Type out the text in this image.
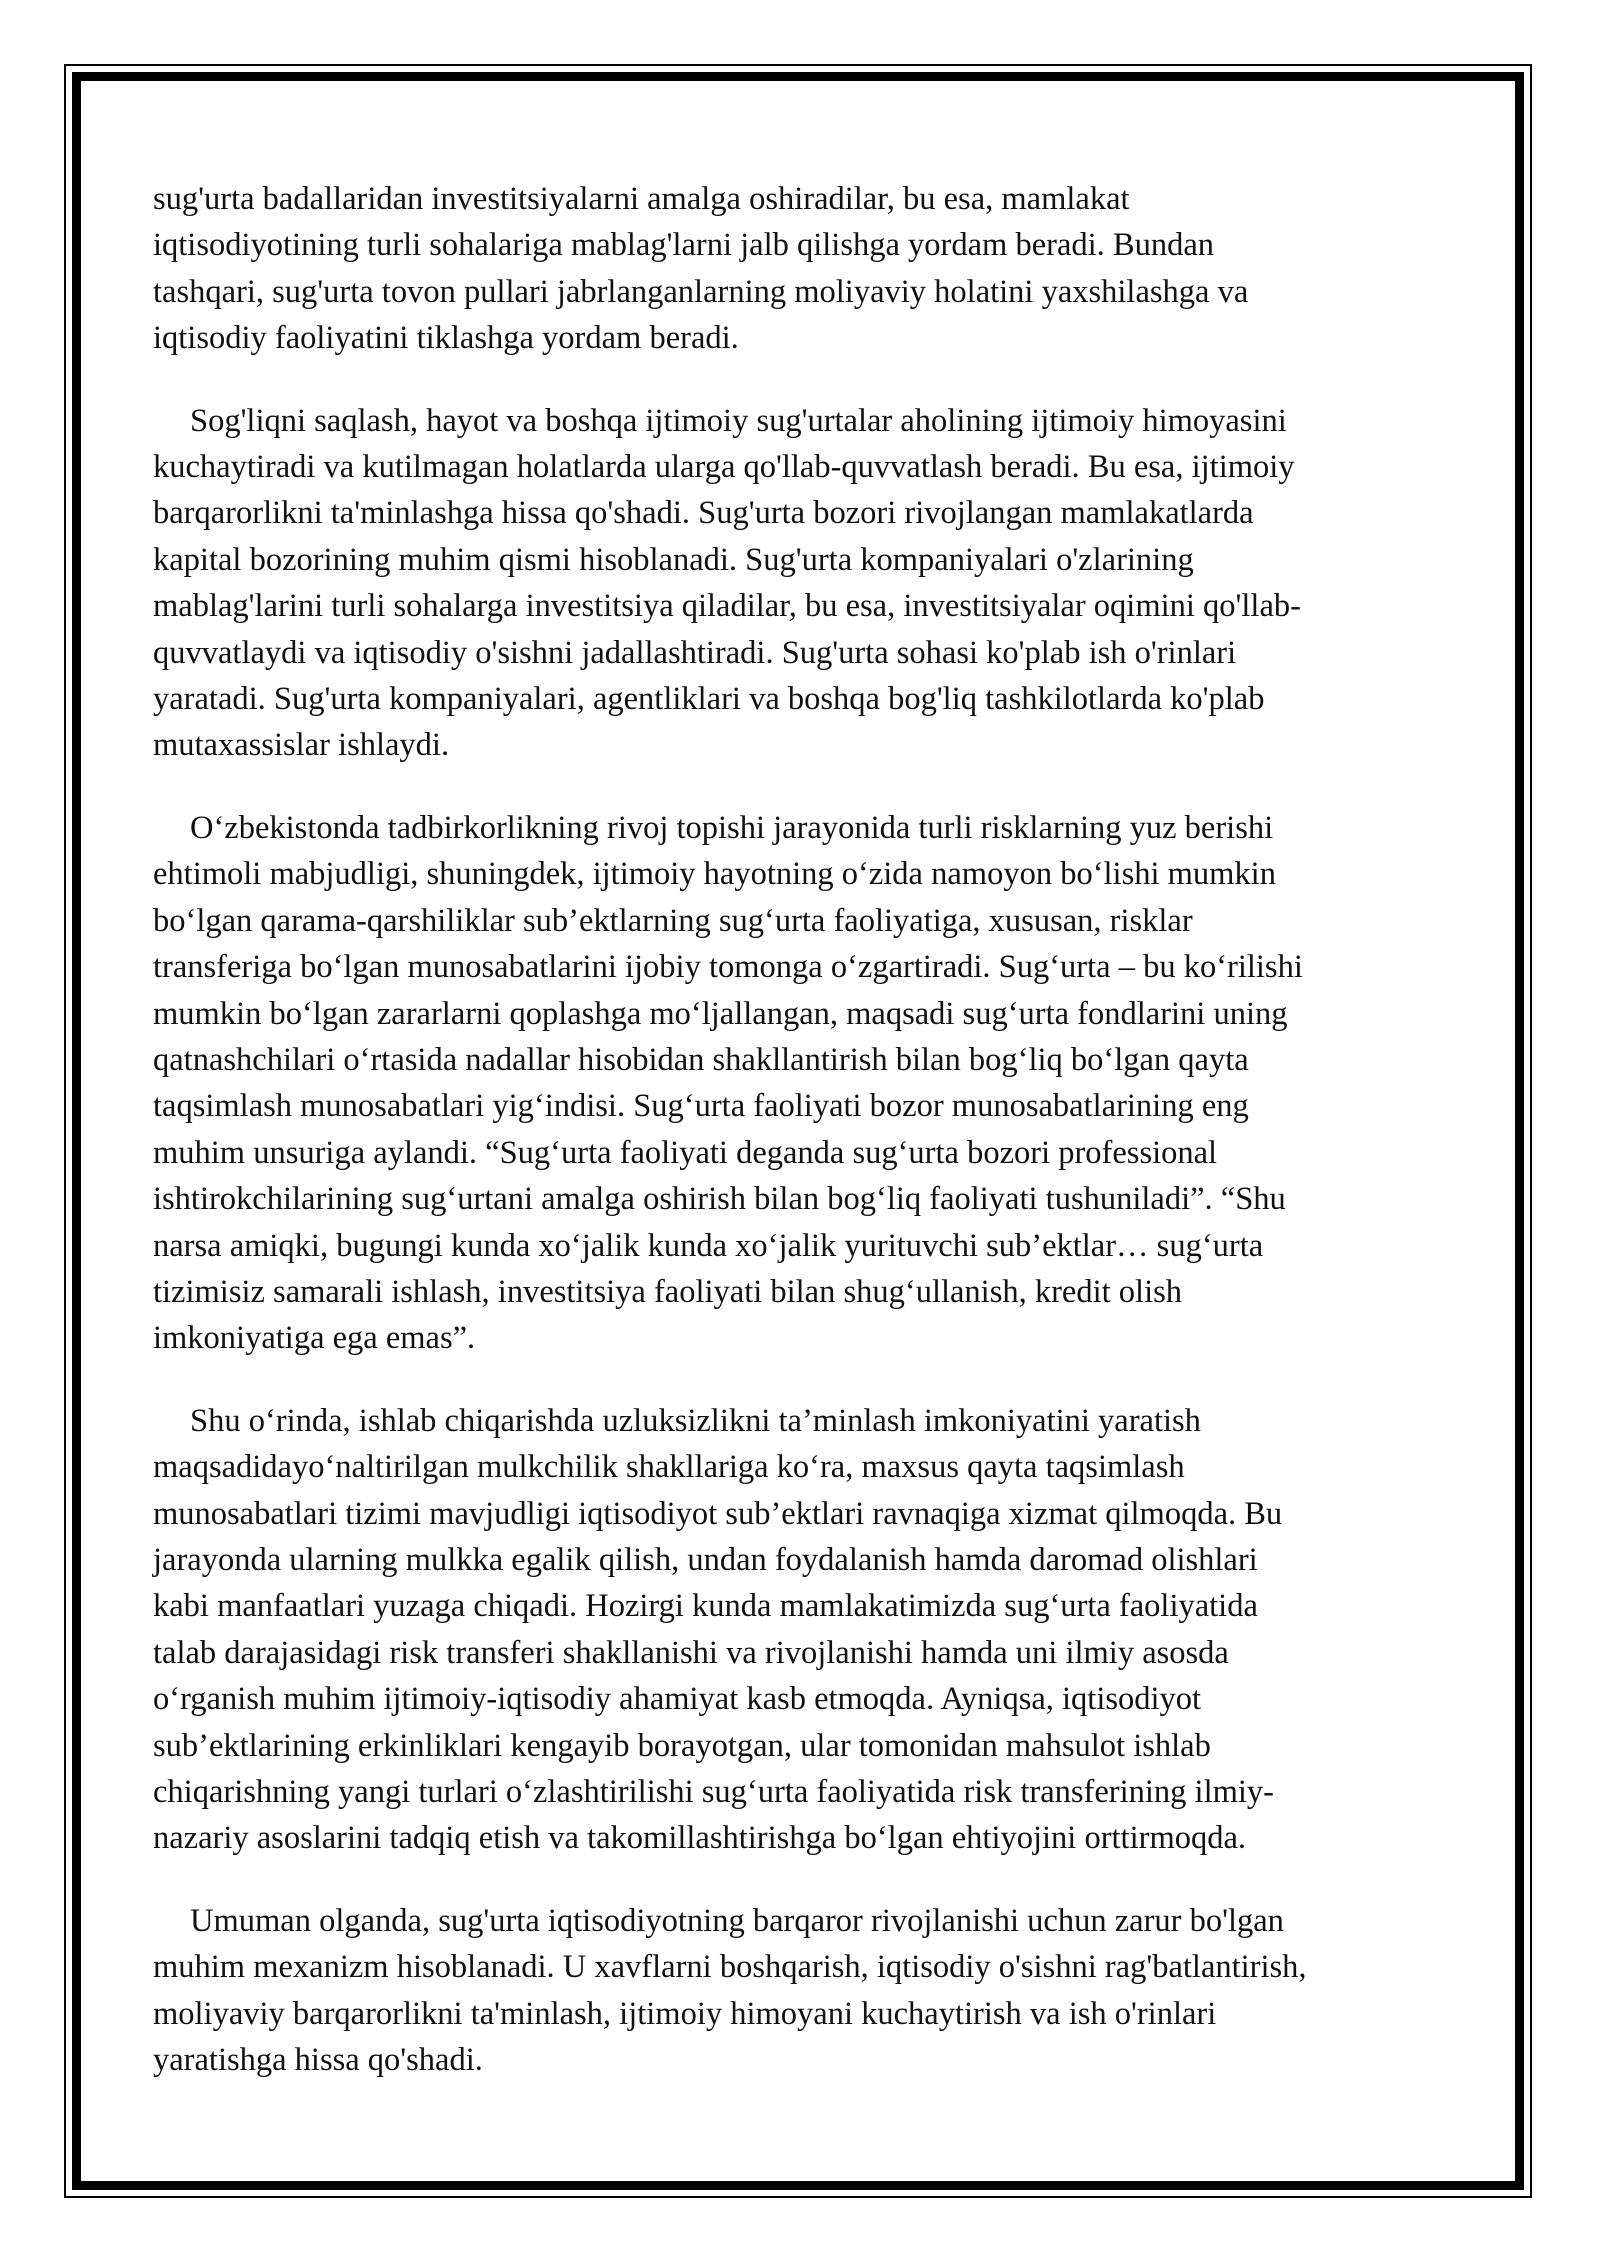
sug'urta badallaridan investitsiyalarni amalga oshiradilar, bu esa, mamlakat
iqtisodiyotining turli sohalariga mablag'larni jalb qilishga yordam beradi. Bundan
tashqari, sug'urta tovon pullari jabrlanganlarning moliyaviy holatini yaxshilashga va
iqtisodiy faoliyatini tiklashga yordam beradi.

Sog'liqni saqlash, hayot va boshqa ijtimoiy sug'urtalar aholining ijtimoiy himoyasini
kuchaytiradi va kutilmagan holatlarda ularga qo'llab-quvvatlash beradi. Bu esa, ijtimoiy
barqarorlikni ta'minlashga hissa qo'shadi. Sug'urta bozori rivojlangan mamlakatlarda
kapital bozorining muhim qismi hisoblanadi. Sug'urta kompaniyalari o'zlarining
mablag'larini turli sohalarga investitsiya qiladilar, bu esa, investitsiyalar oqimini qo'llab-
quvvatlaydi va iqtisodiy o'sishni jadallashtiradi. Sug'urta sohasi ko'plab ish o'rinlari
yaratadi. Sug'urta kompaniyalari, agentliklari va boshqa bog'liq tashkilotlarda ko'plab
mutaxassislar ishlaydi.

O‘zbekistonda tadbirkorlikning rivoj topishi jarayonida turli risklarning yuz berishi
ehtimoli mabjudligi, shuningdek, ijtimoiy hayotning o‘zida namoyon bo‘lishi mumkin
bo‘lgan qarama-qarshiliklar sub’ektlarning sug‘urta faoliyatiga, xususan, risklar
transferiga bo‘lgan munosabatlarini ijobiy tomonga o‘zgartiradi. Sug‘urta – bu ko‘rilishi
mumkin bo‘lgan zararlarni qoplashga mo‘ljallangan, maqsadi sug‘urta fondlarini uning
qatnashchilari o‘rtasida nadallar hisobidan shakllantirish bilan bog‘liq bo‘lgan qayta
taqsimlash munosabatlari yig‘indisi. Sug‘urta faoliyati bozor munosabatlarining eng
muhim unsuriga aylandi. “Sug‘urta faoliyati deganda sug‘urta bozori professional
ishtirokchilarining sug‘urtani amalga oshirish bilan bog‘liq faoliyati tushuniladi”. “Shu
narsa amiqki, bugungi kunda xo‘jalik kunda xo‘jalik yurituvchi sub’ektlar… sug‘urta
tizimisiz samarali ishlash, investitsiya faoliyati bilan shug‘ullanish, kredit olish
imkoniyatiga ega emas”.

Shu o‘rinda, ishlab chiqarishda uzluksizlikni ta’minlash imkoniyatini yaratish
maqsadidayo‘naltirilgan mulkchilik shakllariga ko‘ra, maxsus qayta taqsimlash
munosabatlari tizimi mavjudligi iqtisodiyot sub’ektlari ravnaqiga xizmat qilmoqda. Bu
jarayonda ularning mulkka egalik qilish, undan foydalanish hamda daromad olishlari
kabi manfaatlari yuzaga chiqadi. Hozirgi kunda mamlakatimizda sug‘urta faoliyatida
talab darajasidagi risk transferi shakllanishi va rivojlanishi hamda uni ilmiy asosda
o‘rganish muhim ijtimoiy-iqtisodiy ahamiyat kasb etmoqda. Ayniqsa, iqtisodiyot
sub’ektlarining erkinliklari kengayib borayotgan, ular tomonidan mahsulot ishlab
chiqarishning yangi turlari o‘zlashtirilishi sug‘urta faoliyatida risk transferining ilmiy-
nazariy asoslarini tadqiq etish va takomillashtirishga bo‘lgan ehtiyojini orttirmoqda.

Umuman olganda, sug'urta iqtisodiyotning barqaror rivojlanishi uchun zarur bo'lgan
muhim mexanizm hisoblanadi. U xavflarni boshqarish, iqtisodiy o'sishni rag'batlantirish,
moliyaviy barqarorlikni ta'minlash, ijtimoiy himoyani kuchaytirish va ish o'rinlari
yaratishga hissa qo'shadi.
